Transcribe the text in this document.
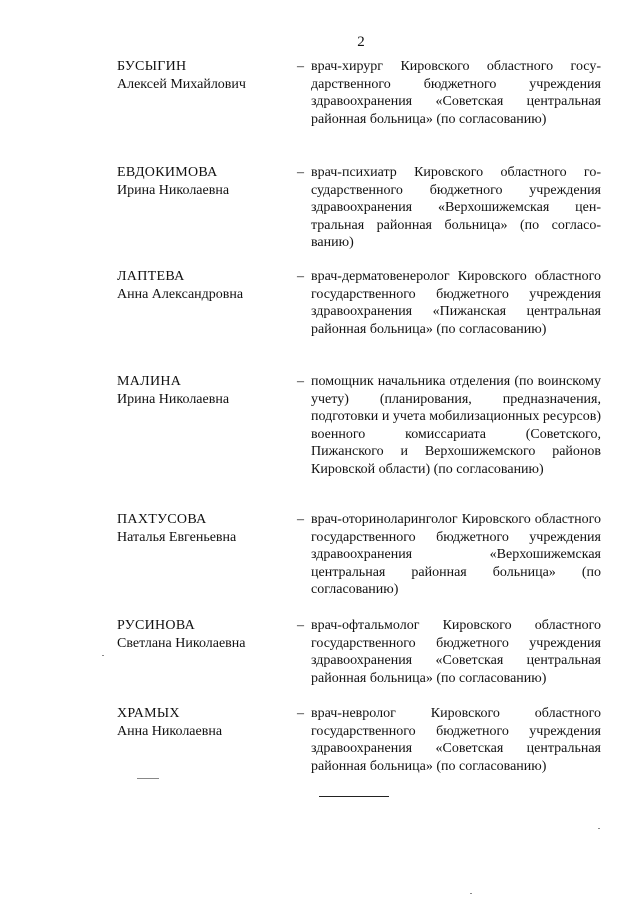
2
БУСЫГИН
Алексей Михайлович
– врач-хирург Кировского областного государственного бюджетного учреждения здравоохранения «Советская центральная районная больница» (по согласованию)
ЕВДОКИМОВА
Ирина Николаевна
– врач-психиатр Кировского областного государственного бюджетного учреждения здравоохранения «Верхошижемская центральная районная больница» (по согласованию)
ЛАПТЕВА
Анна Александровна
– врач-дерматовенеролог Кировского областного государственного бюджетного учреждения здравоохранения «Пижанская центральная районная больница» (по согласованию)
МАЛИНА
Ирина Николаевна
– помощник начальника отделения (по воинскому учету) (планирования, предназначения, подготовки и учета мобилизационных ресурсов) военного комиссариата (Советского, Пижанского и Верхошижемского районов Кировской области) (по согласованию)
ПАХТУСОВА
Наталья Евгеньевна
– врач-оториноларинголог Кировского областного государственного бюджетного учреждения здравоохранения «Верхошижемская центральная районная больница» (по согласованию)
РУСИНОВА
Светлана Николаевна
– врач-офтальмолог Кировского областного государственного бюджетного учреждения здравоохранения «Советская центральная районная больница» (по согласованию)
ХРАМЫХ
Анна Николаевна
– врач-невролог Кировского областного государственного бюджетного учреждения здравоохранения «Советская центральная районная больница» (по согласованию)
